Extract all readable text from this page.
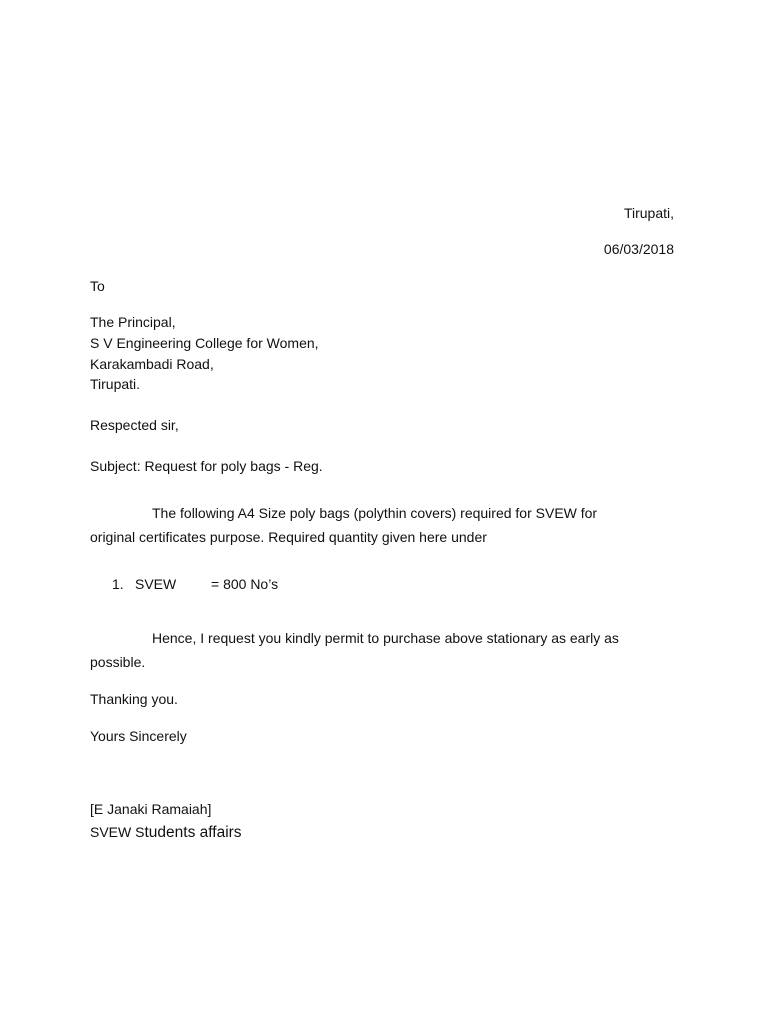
Tirupati,
06/03/2018
To
The Principal,
S V Engineering College for Women,
Karakambadi Road,
Tirupati.
Respected sir,
Subject: Request for poly bags - Reg.
The following A4 Size poly bags (polythin covers) required for SVEW for
original certificates purpose. Required quantity given here under
1. SVEW = 800 No’s
Hence, I request you kindly permit to purchase above stationary as early as
possible.
Thanking you.
Yours Sincerely
[E Janaki Ramaiah]
SVEW Students affairs
